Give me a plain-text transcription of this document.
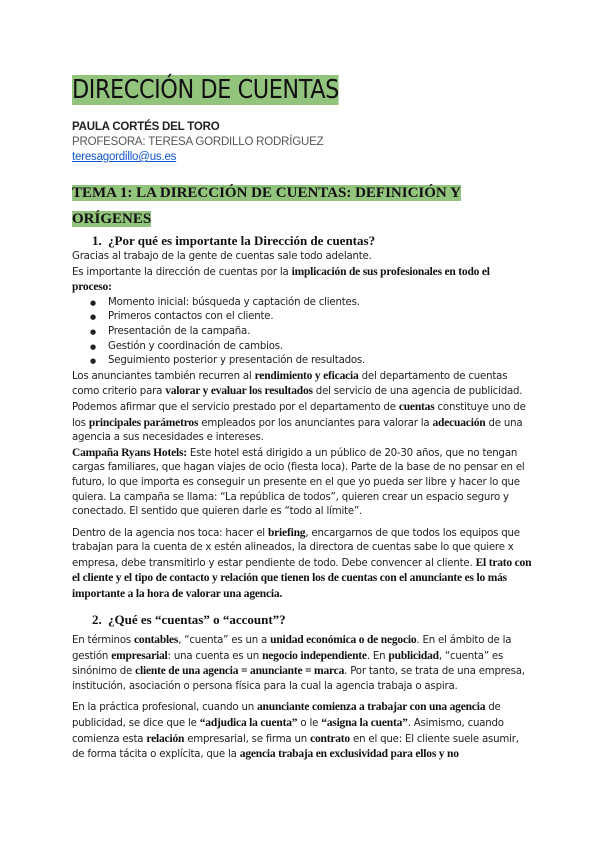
DIRECCIÓN DE CUENTAS

PAULA CORTÉS DEL TORO

PROFESORA: TERESA GORDILLO RODRÍGUEZ

teresagordillo@us.es

TEMA 1: LA DIRECCIÓN DE CUENTAS: DEFINICIÓN Y ORÍGENES
1. ¿Por qué es importante la Dirección de cuentas?

Gracias al trabajo de la gente de cuentas sale todo adelante.

Es importante la dirección de cuentas por la implicación de sus profesionales en todo el proceso:

● Momento inicial: búsqueda y captación de clientes.
● Primeros contactos con el cliente.
● Presentación de la campaña.
● Gestión y coordinación de cambios.
● Seguimiento posterior y presentación de resultados.

Los anunciantes también recurren al rendimiento y eficacia del departamento de cuentas como criterio para valorar y evaluar los resultados del servicio de una agencia de publicidad. Podemos afirmar que el servicio prestado por el departamento de cuentas constituye uno de los principales parámetros empleados por los anunciantes para valorar la adecuación de una agencia a sus necesidades e intereses.

Campaña Ryans Hotels: Este hotel está dirigido a un público de 20-30 años, que no tengan cargas familiares, que hagan viajes de ocio (fiesta loca). Parte de la base de no pensar en el futuro, lo que importa es conseguir un presente en el que yo pueda ser libre y hacer lo que quiera. La campaña se llama: “La república de todos”, quieren crear un espacio seguro y conectado. El sentido que quieren darle es “todo al límite”.

Dentro de la agencia nos toca: hacer el briefing, encargarnos de que todos los equipos que trabajan para la cuenta de x estén alineados, la directora de cuentas sabe lo que quiere x empresa, debe transmitirlo y estar pendiente de todo. Debe convencer al cliente. El trato con el cliente y el tipo de contacto y relación que tienen los de cuentas con el anunciante es lo más importante a la hora de valorar una agencia.

2. ¿Qué es “cuentas” o “account”?

En términos contables, “cuenta” es un a unidad económica o de negocio. En el ámbito de la gestión empresarial: una cuenta es un negocio independiente. En publicidad, “cuenta” es sinónimo de cliente de una agencia = anunciante = marca. Por tanto, se trata de una empresa, institución, asociación o persona física para la cual la agencia trabaja o aspira.

En la práctica profesional, cuando un anunciante comienza a trabajar con una agencia de publicidad, se dice que le “adjudica la cuenta” o le “asigna la cuenta”. Asimismo, cuando comienza esta relación empresarial, se firma un contrato en el que: El cliente suele asumir, de forma tácita o explícita, que la agencia trabaja en exclusividad para ellos y no
